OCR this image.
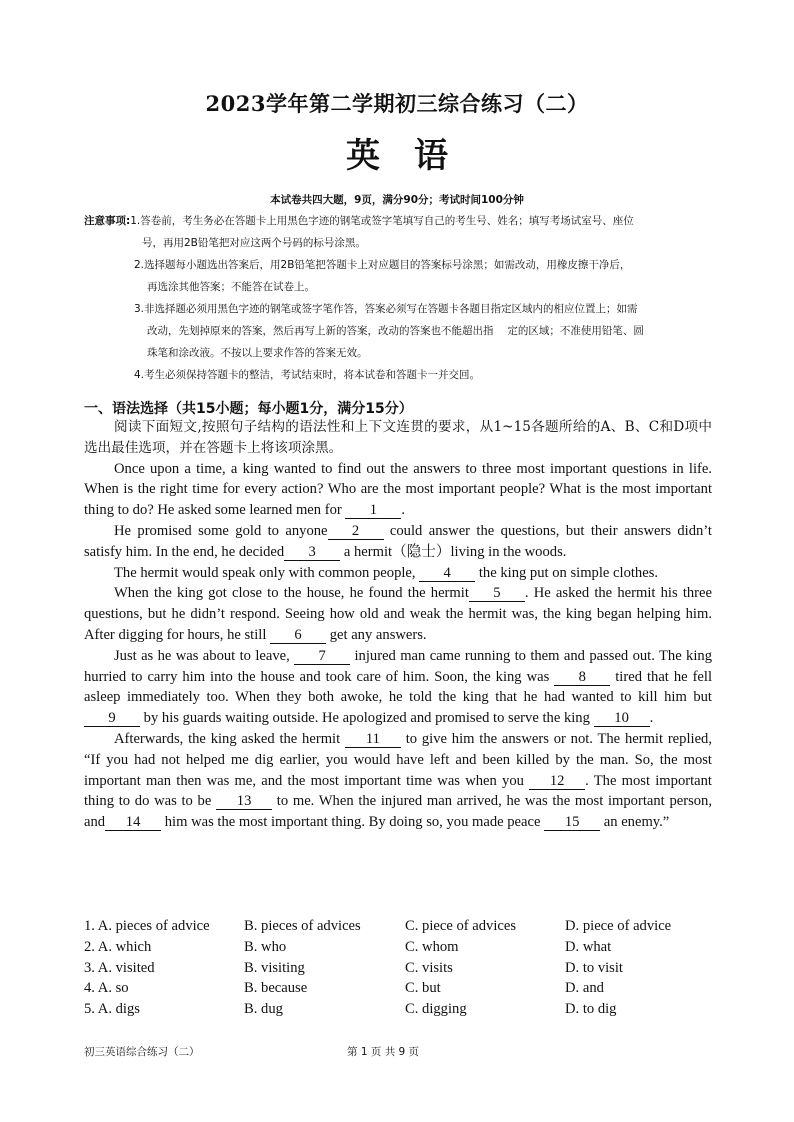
2023学年第二学期初三综合练习（二）
英 语
本试卷共四大题，9页，满分90分；考试时间100分钟
注意事项:1.答卷前，考生务必在答题卡上用黑色字迹的钢笔或签字笔填写自己的考生号、姓名；填写考场试室号、座位
号，再用2B铅笔把对应这两个号码的标号涂黑。
2.选择题每小题选出答案后，用2B铅笔把答题卡上对应题目的答案标号涂黑；如需改动，用橡皮擦干净后，
再选涂其他答案；不能答在试卷上。
3.非选择题必须用黑色字迹的钢笔或签字笔作答，答案必须写在答题卡各题目指定区域内的相应位置上；如需
改动，先划掉原来的答案，然后再写上新的答案，改动的答案也不能超出指　 定的区域；不准使用铅笔、圆
珠笔和涂改液。不按以上要求作答的答案无效。
4.考生必须保持答题卡的整洁，考试结束时，将本试卷和答题卡一并交回。
一、语法选择（共15小题；每小题1分，满分15分）

阅读下面短文,按照句子结构的语法性和上下文连贯的要求，从1~15各题所给的A、B、C和D项中选出最佳选项，并在答题卡上将该项涂黑。

Once upon a time, a king wanted to find out the answers to three most important questions in life. When is the right time for every action? Who are the most important people? What is the most important thing to do? He asked some learned men for 1 .

He promised some gold to anyone 2 could answer the questions, but their answers didn’t satisfy him. In the end, he decided 3 a hermit（隐士）living in the woods.

The hermit would speak only with common people, 4 the king put on simple clothes.

When the king got close to the house, he found the hermit 5 . He asked the hermit his three questions, but he didn’t respond. Seeing how old and weak the hermit was, the king began helping him. After digging for hours, he still 6 get any answers.

Just as he was about to leave, 7 injured man came running to them and passed out. The king hurried to carry him into the house and took care of him. Soon, the king was 8 tired that he fell asleep immediately too. When they both awoke, he told the king that he had wanted to kill him but 9 by his guards waiting outside. He apologized and promised to serve the king 10 .

Afterwards, the king asked the hermit 11 to give him the answers or not. The hermit replied, “If you had not helped me dig earlier, you would have left and been killed by the man. So, the most important man then was me, and the most important time was when you 12 . The most important thing to do was to be 13 to me. When the injured man arrived, he was the most important person, and 14 him was the most important thing. By doing so, you made peace 15 an enemy.”

1. A. pieces of advice	B. pieces of advices	C. piece of advices	D. piece of advice
2. A. which	B. who	C. whom	D. what
3. A. visited	B. visiting	C. visits	D. to visit
4. A. so	B. because	C. but	D. and
5. A. digs	B. dug	C. digging	D. to dig
初三英语综合练习（二）	第 1 页 共 9 页
